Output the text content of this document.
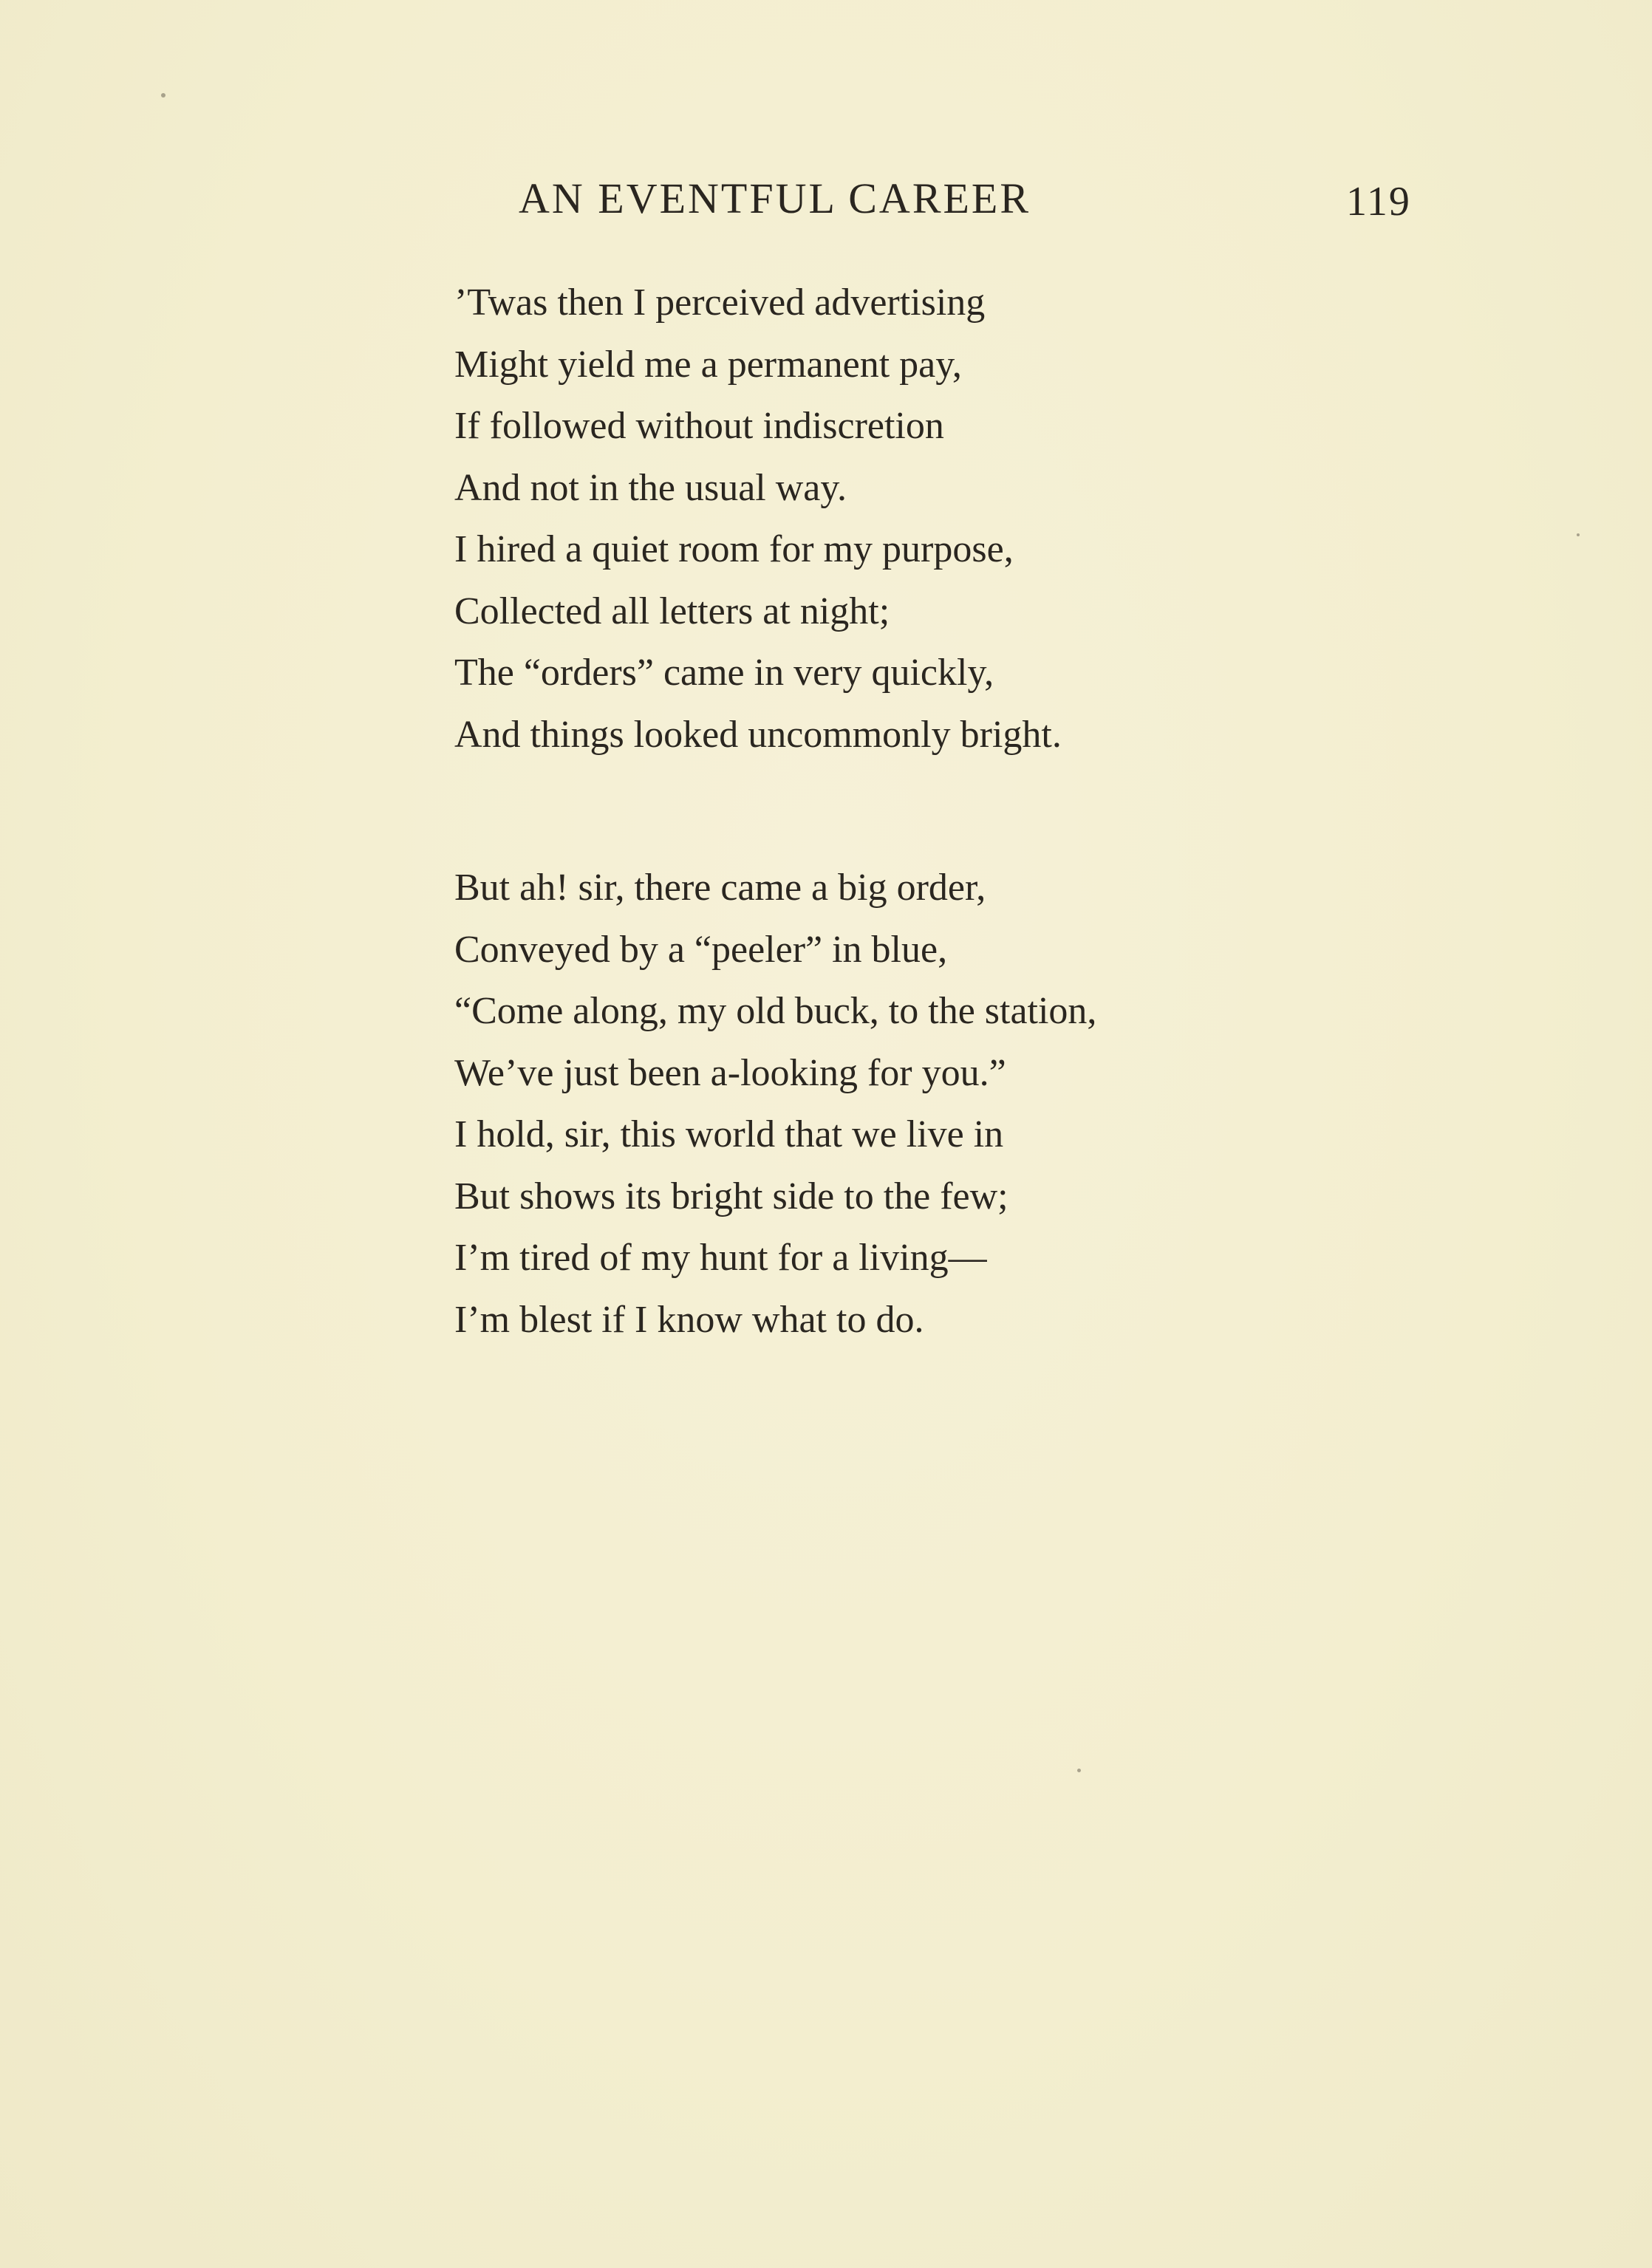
AN EVENTFUL CAREER	119
’Twas then I perceived advertising
Might yield me a permanent pay,
If followed without indiscretion
And not in the usual way.
I hired a quiet room for my purpose,
Collected all letters at night;
The “orders” came in very quickly,
And things looked uncommonly bright.
But ah! sir, there came a big order,
Conveyed by a “peeler” in blue,
“Come along, my old buck, to the station,
We’ve just been a-looking for you.”
I hold, sir, this world that we live in
But shows its bright side to the few;
I’m tired of my hunt for a living—
I’m blest if I know what to do.
